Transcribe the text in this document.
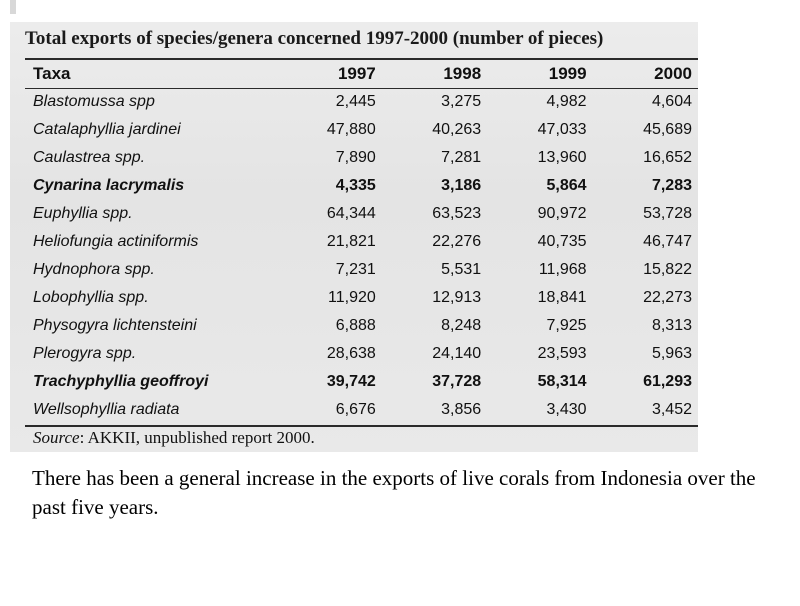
Total exports of species/genera concerned 1997-2000 (number of pieces)
Taxa	1997	1998	1999	2000
Blastomussa spp	2,445	3,275	4,982	4,604
Catalaphyllia jardinei	47,880	40,263	47,033	45,689
Caulastrea spp.	7,890	7,281	13,960	16,652
Cynarina lacrymalis	4,335	3,186	5,864	7,283
Euphyllia spp.	64,344	63,523	90,972	53,728
Heliofungia actiniformis	21,821	22,276	40,735	46,747
Hydnophora spp.	7,231	5,531	11,968	15,822
Lobophyllia spp.	11,920	12,913	18,841	22,273
Physogyra lichtensteini	6,888	8,248	7,925	8,313
Plerogyra spp.	28,638	24,140	23,593	5,963
Trachyphyllia geoffroyi	39,742	37,728	58,314	61,293
Wellsophyllia radiata	6,676	3,856	3,430	3,452
Source: AKKII, unpublished report 2000.
There has been a general increase in the exports of live corals from Indonesia over the past five years.
